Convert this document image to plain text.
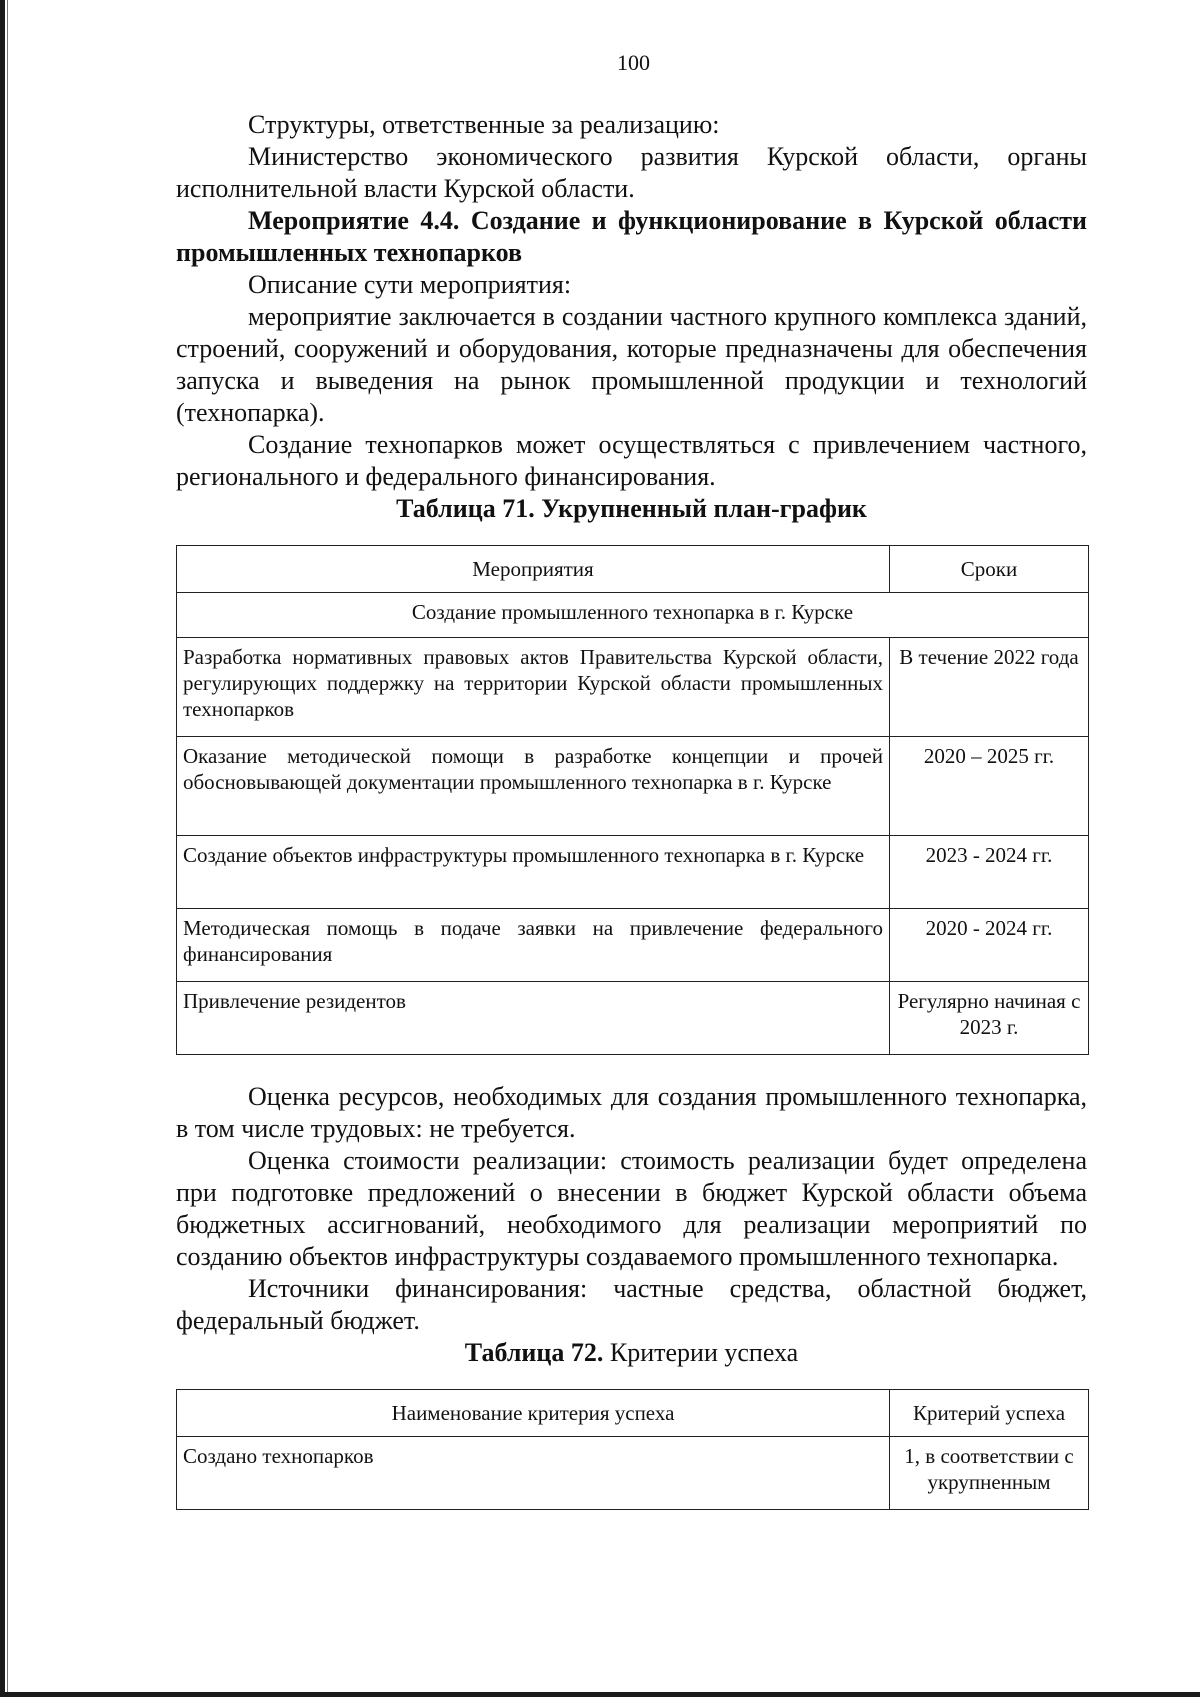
100

Структуры, ответственные за реализацию:

Министерство экономического развития Курской области, органы исполнительной власти Курской области.

Мероприятие 4.4. Создание и функционирование в Курской области промышленных технопарков

Описание сути мероприятия:

мероприятие заключается в создании частного крупного комплекса зданий, строений, сооружений и оборудования, которые предназначены для обеспечения запуска и выведения на рынок промышленной продукции и технологий (технопарка).

Создание технопарков может осуществляться с привлечением частного, регионального и федерального финансирования.

Таблица 71. Укрупненный план-график
Мероприятия	Сроки
Создание промышленного технопарка в г. Курске	
Разработка нормативных правовых актов Правительства Курской области, регулирующих поддержку на территории Курской области промышленных технопарков	В течение 2022 года
Оказание методической помощи в разработке концепции и прочей обосновывающей документации промышленного технопарка в г. Курске	2020 – 2025 гг.
Создание объектов инфраструктуры промышленного технопарка в г. Курске	2023 - 2024 гг.
Методическая помощь в подаче заявки на привлечение федерального финансирования	2020 - 2024 гг.
Привлечение резидентов	Регулярно начиная с 2023 г.

Оценка ресурсов, необходимых для создания промышленного технопарка, в том числе трудовых: не требуется.

Оценка стоимости реализации: стоимость реализации будет определена при подготовке предложений о внесении в бюджет Курской области объема бюджетных ассигнований, необходимого для реализации мероприятий по созданию объектов инфраструктуры создаваемого промышленного технопарка.

Источники финансирования: частные средства, областной бюджет, федеральный бюджет.

Таблица 72. Критерии успеха
Наименование критерия успеха	Критерий успеха
Создано технопарков	1, в соответствии с укрупненным
